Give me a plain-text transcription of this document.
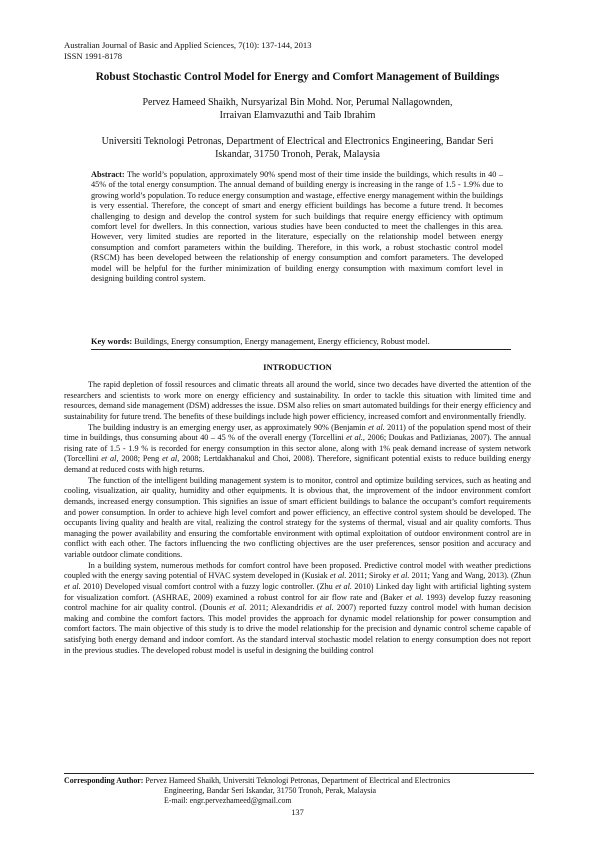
Australian Journal of Basic and Applied Sciences, 7(10): 137-144, 2013
ISSN 1991-8178
Robust Stochastic Control Model for Energy and Comfort Management of Buildings
Pervez Hameed Shaikh, Nursyarizal Bin Mohd. Nor, Perumal Nallagownden,
Irraivan Elamvazuthi and Taib Ibrahim
Universiti Teknologi Petronas, Department of Electrical and Electronics Engineering, Bandar Seri
Iskandar, 31750 Tronoh, Perak, Malaysia
Abstract: The world’s population, approximately 90% spend most of their time inside the buildings, which results in 40 – 45% of the total energy consumption. The annual demand of building energy is increasing in the range of 1.5 - 1.9% due to growing world’s population. To reduce energy consumption and wastage, effective energy management within the buildings is very essential. Therefore, the concept of smart and energy efficient buildings has become a future trend. It becomes challenging to design and develop the control system for such buildings that require energy efficiency with optimum comfort level for dwellers. In this connection, various studies have been conducted to meet the challenges in this area. However, very limited studies are reported in the literature, especially on the relationship model between energy consumption and comfort parameters within the building. Therefore, in this work, a robust stochastic control model (RSCM) has been developed between the relationship of energy consumption and comfort parameters. The developed model will be helpful for the further minimization of building energy consumption with maximum comfort level in designing building control system.
Key words: Buildings, Energy consumption, Energy management, Energy efficiency, Robust model.
INTRODUCTION

The rapid depletion of fossil resources and climatic threats all around the world, since two decades have diverted the attention of the researchers and scientists to work more on energy efficiency and sustainability. In order to tackle this situation with limited time and resources, demand side management (DSM) addresses the issue. DSM also relies on smart automated buildings for their energy efficiency and sustainability for future trend. The benefits of these buildings include high power efficiency, increased comfort and environmentally friendly.

The building industry is an emerging energy user, as approximately 90% (Benjamin et al. 2011) of the population spend most of their time in buildings, thus consuming about 40 – 45 % of the overall energy (Torcellini et al., 2006; Doukas and Patlizianas, 2007). The annual rising rate of 1.5 - 1.9 % is recorded for energy consumption in this sector alone, along with 1% peak demand increase of system network (Torcellini et al, 2008; Peng et al, 2008; Lertdakhanakul and Choi, 2008). Therefore, significant potential exists to reduce building energy demand at reduced costs with high returns.

The function of the intelligent building management system is to monitor, control and optimize building services, such as heating and cooling, visualization, air quality, humidity and other equipments. It is obvious that, the improvement of the indoor environment comfort demands, increased energy consumption. This signifies an issue of smart efficient buildings to balance the occupant’s comfort requirements and power consumption. In order to achieve high level comfort and power efficiency, an effective control system should be developed. The occupants living quality and health are vital, realizing the control strategy for the systems of thermal, visual and air quality comforts. Thus managing the power availability and ensuring the comfortable environment with optimal exploitation of outdoor environment control are in conflict with each other. The factors influencing the two conflicting objectives are the user preferences, sensor position and accuracy and variable outdoor climate conditions.

In a building system, numerous methods for comfort control have been proposed. Predictive control model with weather predictions coupled with the energy saving potential of HVAC system developed in (Kusiak et al. 2011; Siroky et al. 2011; Yang and Wang, 2013). (Zhun et al. 2010) Developed visual comfort control with a fuzzy logic controller. (Zhu et al. 2010) Linked day light with artificial lighting system for visualization comfort. (ASHRAE, 2009) examined a robust control for air flow rate and (Baker et al. 1993) develop fuzzy reasoning control machine for air quality control. (Dounis et al. 2011; Alexandridis et al. 2007) reported fuzzy control model with human decision making and combine the comfort factors. This model provides the approach for dynamic model relationship for power consumption and comfort factors. The main objective of this study is to drive the model relationship for the precision and dynamic control scheme capable of satisfying both energy demand and indoor comfort. As the standard interval stochastic model relation to energy consumption does not report in the previous studies. The developed robust model is useful in designing the building control

Corresponding Author: Pervez Hameed Shaikh, Universiti Teknologi Petronas, Department of Electrical and Electronics
Engineering, Bandar Seri Iskandar, 31750 Tronoh, Perak, Malaysia
E-mail: engr.pervezhameed@gmail.com
137
